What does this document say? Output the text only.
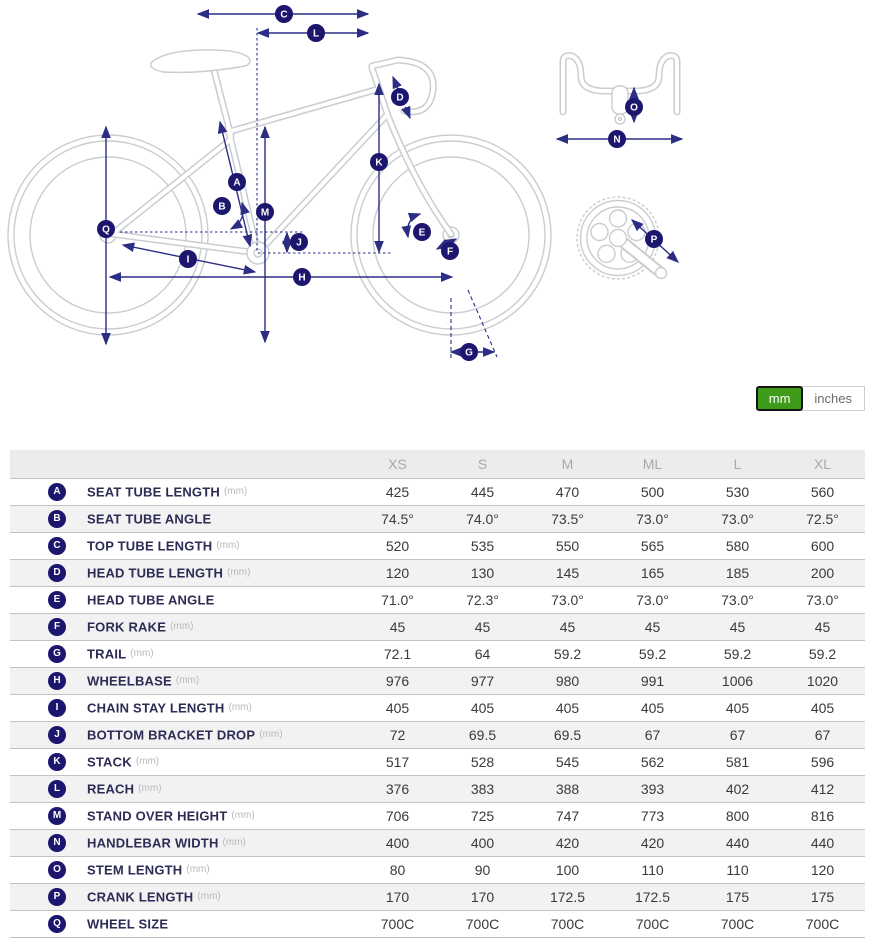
A
B
C
D
E
F
G
H
I
J
K
L
M
N
O
P
Q
mm	inches
	XS	S	M	ML	L	XL
A SEAT TUBE LENGTH (mm)	425	445	470	500	530	560
B SEAT TUBE ANGLE	74.5°	74.0°	73.5°	73.0°	73.0°	72.5°
C TOP TUBE LENGTH (mm)	520	535	550	565	580	600
D HEAD TUBE LENGTH (mm)	120	130	145	165	185	200
E HEAD TUBE ANGLE	71.0°	72.3°	73.0°	73.0°	73.0°	73.0°
F FORK RAKE (mm)	45	45	45	45	45	45
G TRAIL (mm)	72.1	64	59.2	59.2	59.2	59.2
H WHEELBASE (mm)	976	977	980	991	1006	1020
I CHAIN STAY LENGTH (mm)	405	405	405	405	405	405
J BOTTOM BRACKET DROP (mm)	72	69.5	69.5	67	67	67
K STACK (mm)	517	528	545	562	581	596
L REACH (mm)	376	383	388	393	402	412
M STAND OVER HEIGHT (mm)	706	725	747	773	800	816
N HANDLEBAR WIDTH (mm)	400	400	420	420	440	440
O STEM LENGTH (mm)	80	90	100	110	110	120
P CRANK LENGTH (mm)	170	170	172.5	172.5	175	175
Q WHEEL SIZE	700C	700C	700C	700C	700C	700C
